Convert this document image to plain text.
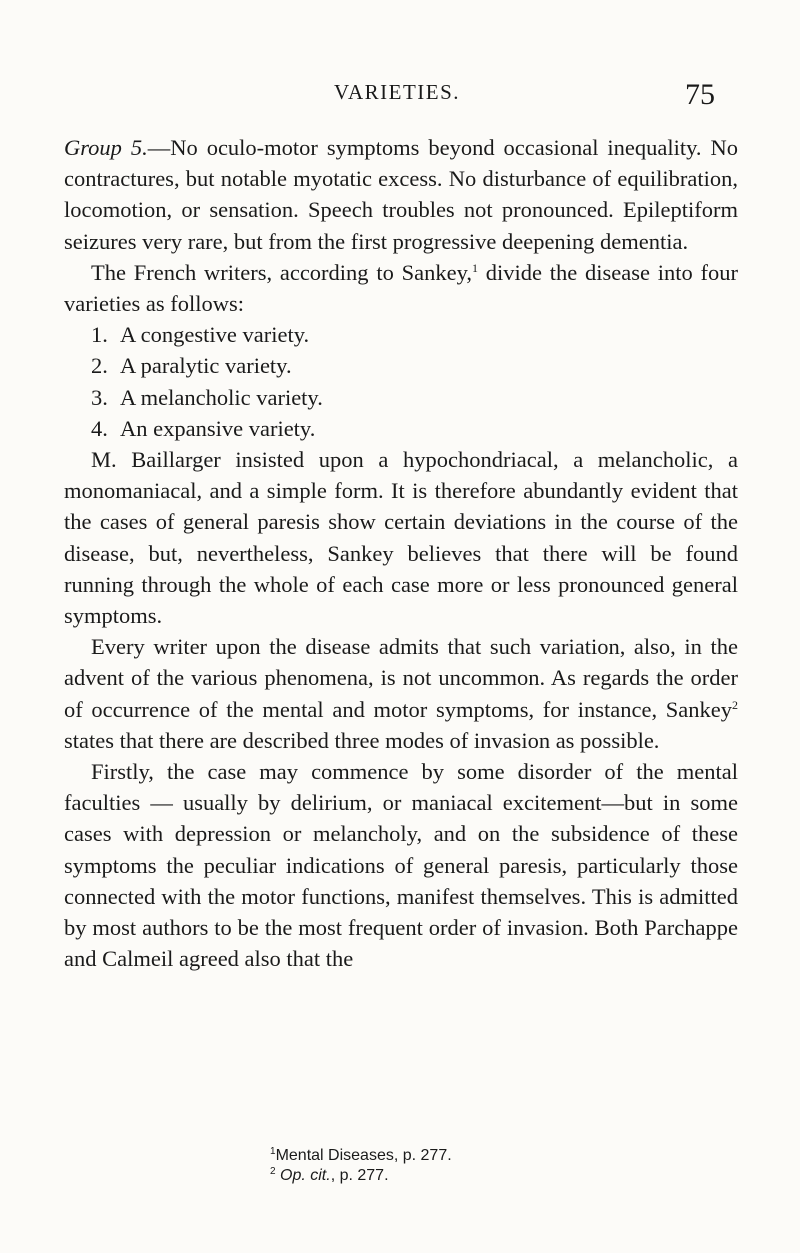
VARIETIES.	75

Group 5.—No oculo-motor symptoms beyond occasional inequality. No contractures, but notable myotatic excess. No disturbance of equilibration, locomotion, or sensation. Speech troubles not pronounced. Epileptiform seizures very rare, but from the first progressive deepening dementia.

The French writers, according to Sankey,$^1$ divide the disease into four varieties as follows:

1. A congestive variety.
2. A paralytic variety.
3. A melancholic variety.
4. An expansive variety.

M. Baillarger insisted upon a hypochondriacal, a melancholic, a monomaniacal, and a simple form. It is therefore abundantly evident that the cases of general paresis show certain deviations in the course of the disease, but, nevertheless, Sankey believes that there will be found running through the whole of each case more or less pronounced general symptoms.

Every writer upon the disease admits that such variation, also, in the advent of the various phenomena, is not uncommon. As regards the order of occurrence of the mental and motor symptoms, for instance, Sankey$^2$ states that there are described three modes of invasion as possible.

Firstly, the case may commence by some disorder of the mental faculties — usually by delirium, or maniacal excitement—but in some cases with depression or melancholy, and on the subsidence of these symptoms the peculiar indications of general paresis, particularly those connected with the motor functions, manifest themselves. This is admitted by most authors to be the most frequent order of invasion. Both Parchappe and Calmeil agreed also that the

$^1$Mental Diseases, p. 277.
$^2$ Op. cit., p. 277.
